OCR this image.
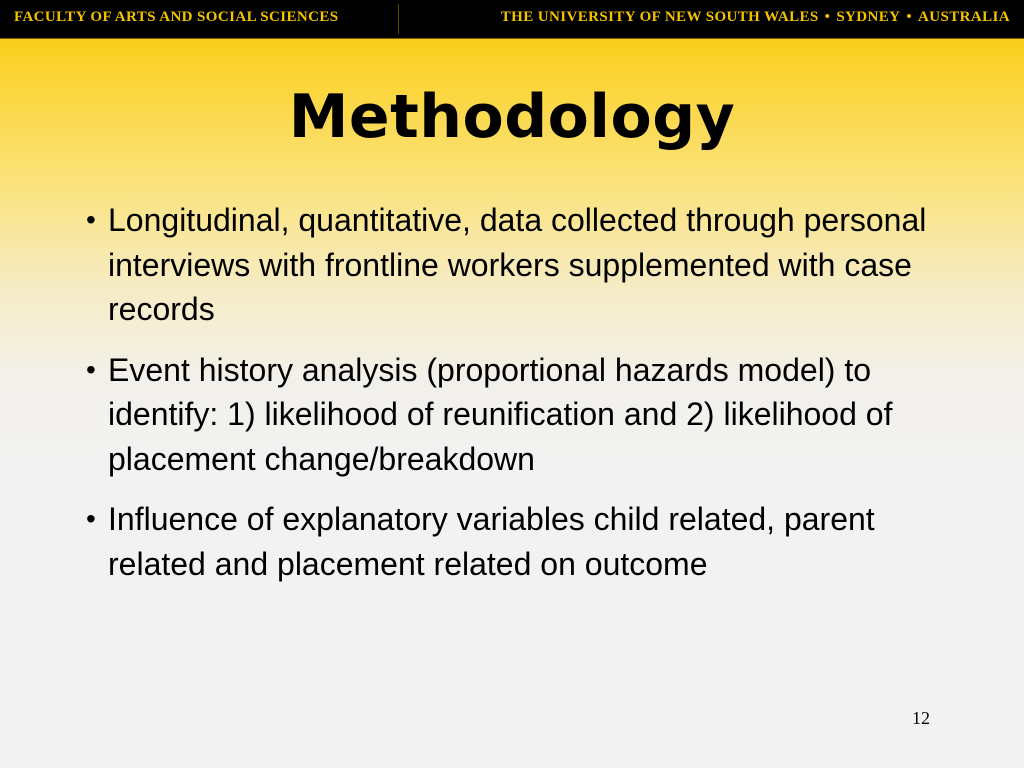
FACULTY OF ARTS AND SOCIAL SCIENCES	THE UNIVERSITY OF NEW SOUTH WALES • SYDNEY • AUSTRALIA
Methodology
• Longitudinal, quantitative, data collected through personal interviews with frontline workers supplemented with case records
• Event history analysis (proportional hazards model) to identify: 1) likelihood of reunification and 2) likelihood of placement change/breakdown
• Influence of explanatory variables child related, parent related and placement related on outcome
12
